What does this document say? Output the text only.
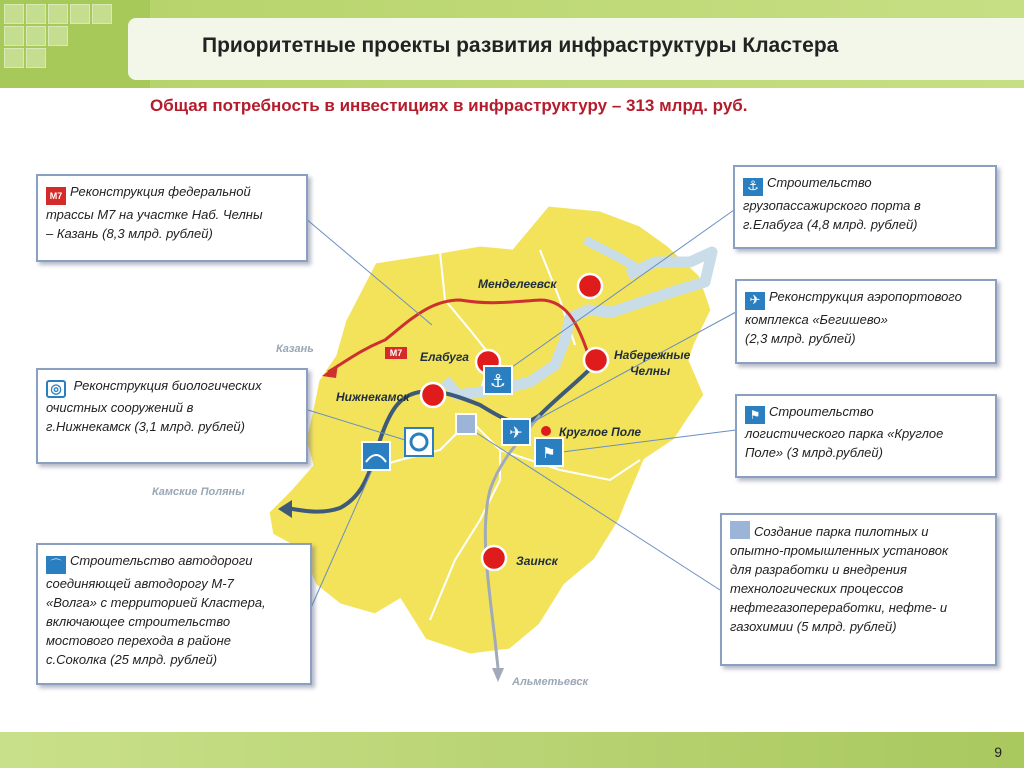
Приоритетные проекты развития инфраструктуры Кластера
Общая потребность в инвестициях в инфраструктуру – 313 млрд. руб.
⚓
✈
⚑
Менделеевск
Елабуга	Набережные
Челны
Нижнекамск
Круглое Поле
Заинск
Казань
Камские Поляны
Альметьевск
М7
М7 Реконструкция федеральной
трассы М7 на участке Наб. Челны
– Казань (8,3 млрд. рублей)
◎ Реконструкция биологических
очистных сооружений в
г.Нижнекамск (3,1 млрд. рублей)
⌒ Строительство автодороги
соединяющей автодорогу М-7
«Волга» с территорией Кластера,
включающее строительство
мостового перехода в районе
с.Соколка (25 млрд. рублей)
⚓ Строительство
грузопассажирского порта в
г.Елабуга (4,8 млрд. рублей)
✈ Реконструкция аэропортового
комплекса «Бегишево»
(2,3 млрд. рублей)
⚑ Строительство
логистического парка «Круглое
Поле» (3 млрд.рублей)
Создание парка пилотных и
опытно-промышленных установок
для разработки и внедрения
технологических процессов
нефтегазопереработки, нефте- и
газохимии (5 млрд. рублей)
9
